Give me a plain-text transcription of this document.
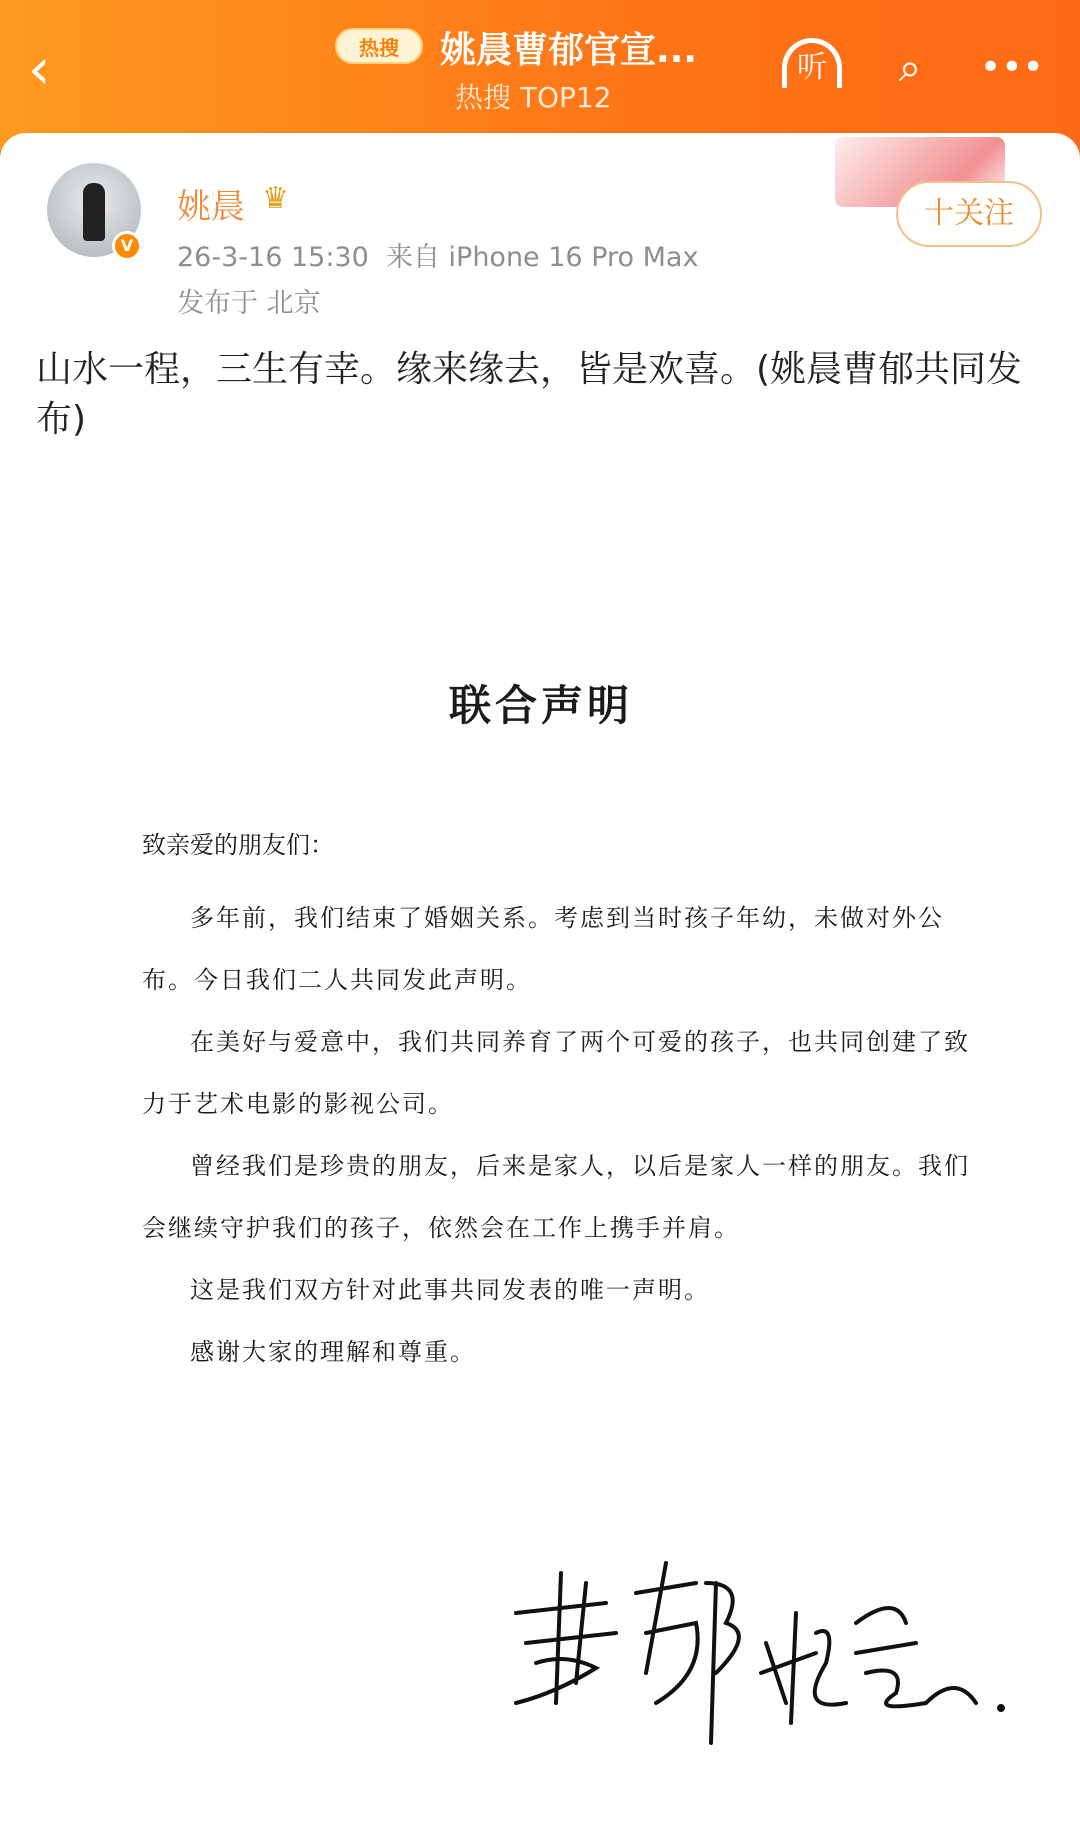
‹	热搜	姚晨曹郁官宣...
热搜 TOP12
听	⌕	•••
V
姚晨 ♛
26-3-16 15:30 来自 iPhone 16 Pro Max
发布于 北京
十关注
山水一程，三生有幸。缘来缘去，皆是欢喜。(姚晨曹郁共同发布)
联合声明
致亲爱的朋友们：

多年前，我们结束了婚姻关系。考虑到当时孩子年幼，未做对外公布。今日我们二人共同发此声明。

在美好与爱意中，我们共同养育了两个可爱的孩子，也共同创建了致力于艺术电影的影视公司。

曾经我们是珍贵的朋友，后来是家人，以后是家人一样的朋友。我们会继续守护我们的孩子，依然会在工作上携手并肩。

这是我们双方针对此事共同发表的唯一声明。

感谢大家的理解和尊重。
